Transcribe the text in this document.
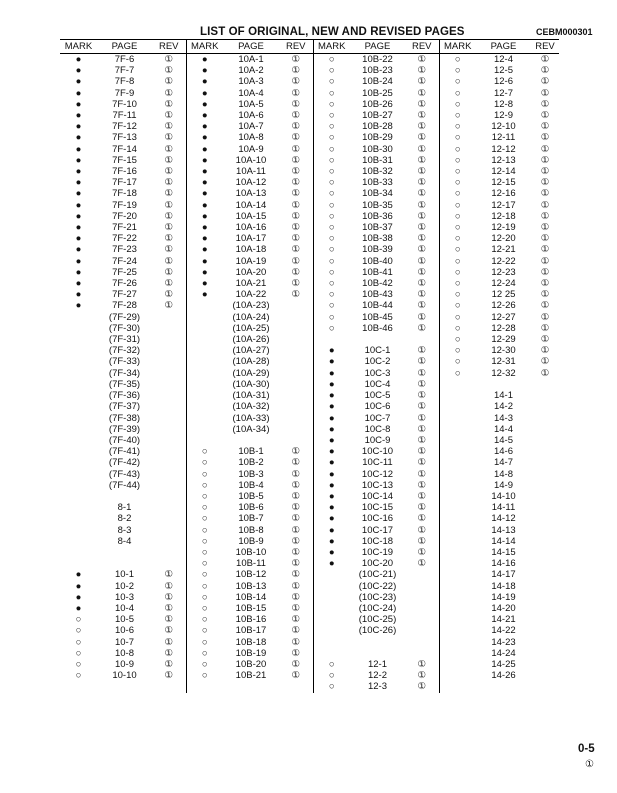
LIST OF ORIGINAL, NEW AND REVISED PAGES	CEBM000301
MARK	PAGE	REV	MARK	PAGE	REV	MARK	PAGE	REV	MARK	PAGE	REV
●	7F-6	①	●	10A-1	①	○	10B-22	①	○	12-4	①
●	7F-7	①	●	10A-2	①	○	10B-23	①	○	12-5	①
●	7F-8	①	●	10A-3	①	○	10B-24	①	○	12-6	①
●	7F-9	①	●	10A-4	①	○	10B-25	①	○	12-7	①
●	7F-10	①	●	10A-5	①	○	10B-26	①	○	12-8	①
●	7F-11	①	●	10A-6	①	○	10B-27	①	○	12-9	①
●	7F-12	①	●	10A-7	①	○	10B-28	①	○	12-10	①
●	7F-13	①	●	10A-8	①	○	10B-29	①	○	12-11	①
●	7F-14	①	●	10A-9	①	○	10B-30	①	○	12-12	①
●	7F-15	①	●	10A-10	①	○	10B-31	①	○	12-13	①
●	7F-16	①	●	10A-11	①	○	10B-32	①	○	12-14	①
●	7F-17	①	●	10A-12	①	○	10B-33	①	○	12-15	①
●	7F-18	①	●	10A-13	①	○	10B-34	①	○	12-16	①
●	7F-19	①	●	10A-14	①	○	10B-35	①	○	12-17	①
●	7F-20	①	●	10A-15	①	○	10B-36	①	○	12-18	①
●	7F-21	①	●	10A-16	①	○	10B-37	①	○	12-19	①
●	7F-22	①	●	10A-17	①	○	10B-38	①	○	12-20	①
●	7F-23	①	●	10A-18	①	○	10B-39	①	○	12-21	①
●	7F-24	①	●	10A-19	①	○	10B-40	①	○	12-22	①
●	7F-25	①	●	10A-20	①	○	10B-41	①	○	12-23	①
●	7F-26	①	●	10A-21	①	○	10B-42	①	○	12-24	①
●	7F-27	①	●	10A-22	①	○	10B-43	①	○	12 25	①
●	7F-28	①		(10A-23)		○	10B-44	①	○	12-26	①
	(7F-29)			(10A-24)		○	10B-45	①	○	12-27	①
	(7F-30)			(10A-25)		○	10B-46	①	○	12-28	①
	(7F-31)			(10A-26)					○	12-29	①
	(7F-32)			(10A-27)		●	10C-1	①	○	12-30	①
	(7F-33)			(10A-28)		●	10C-2	①	○	12-31	①
	(7F-34)			(10A-29)		●	10C-3	①	○	12-32	①
	(7F-35)			(10A-30)		●	10C-4	①			
	(7F-36)			(10A-31)		●	10C-5	①		14-1	
	(7F-37)			(10A-32)		●	10C-6	①		14-2	
	(7F-38)			(10A-33)		●	10C-7	①		14-3	
	(7F-39)			(10A-34)		●	10C-8	①		14-4	
	(7F-40)					●	10C-9	①		14-5	
	(7F-41)		○	10B-1	①	●	10C-10	①		14-6	
	(7F-42)		○	10B-2	①	●	10C-11	①		14-7	
	(7F-43)		○	10B-3	①	●	10C-12	①		14-8	
	(7F-44)		○	10B-4	①	●	10C-13	①		14-9	
			○	10B-5	①	●	10C-14	①		14-10	
	8-1		○	10B-6	①	●	10C-15	①		14-11	
	8-2		○	10B-7	①	●	10C-16	①		14-12	
	8-3		○	10B-8	①	●	10C-17	①		14-13	
	8-4		○	10B-9	①	●	10C-18	①		14-14	
			○	10B-10	①	●	10C-19	①		14-15	
			○	10B-11	①	●	10C-20	①		14-16	
●	10-1	①	○	10B-12	①		(10C-21)			14-17	
●	10-2	①	○	10B-13	①		(10C-22)			14-18	
●	10-3	①	○	10B-14	①		(10C-23)			14-19	
●	10-4	①	○	10B-15	①		(10C-24)			14-20	
○	10-5	①	○	10B-16	①		(10C-25)			14-21	
○	10-6	①	○	10B-17	①		(10C-26)			14-22	
○	10-7	①	○	10B-18	①					14-23	
○	10-8	①	○	10B-19	①					14-24	
○	10-9	①	○	10B-20	①	○	12-1	①		14-25	
○	10-10	①	○	10B-21	①	○	12-2	①		14-26	
						○	12-3	①			
0-5
①
